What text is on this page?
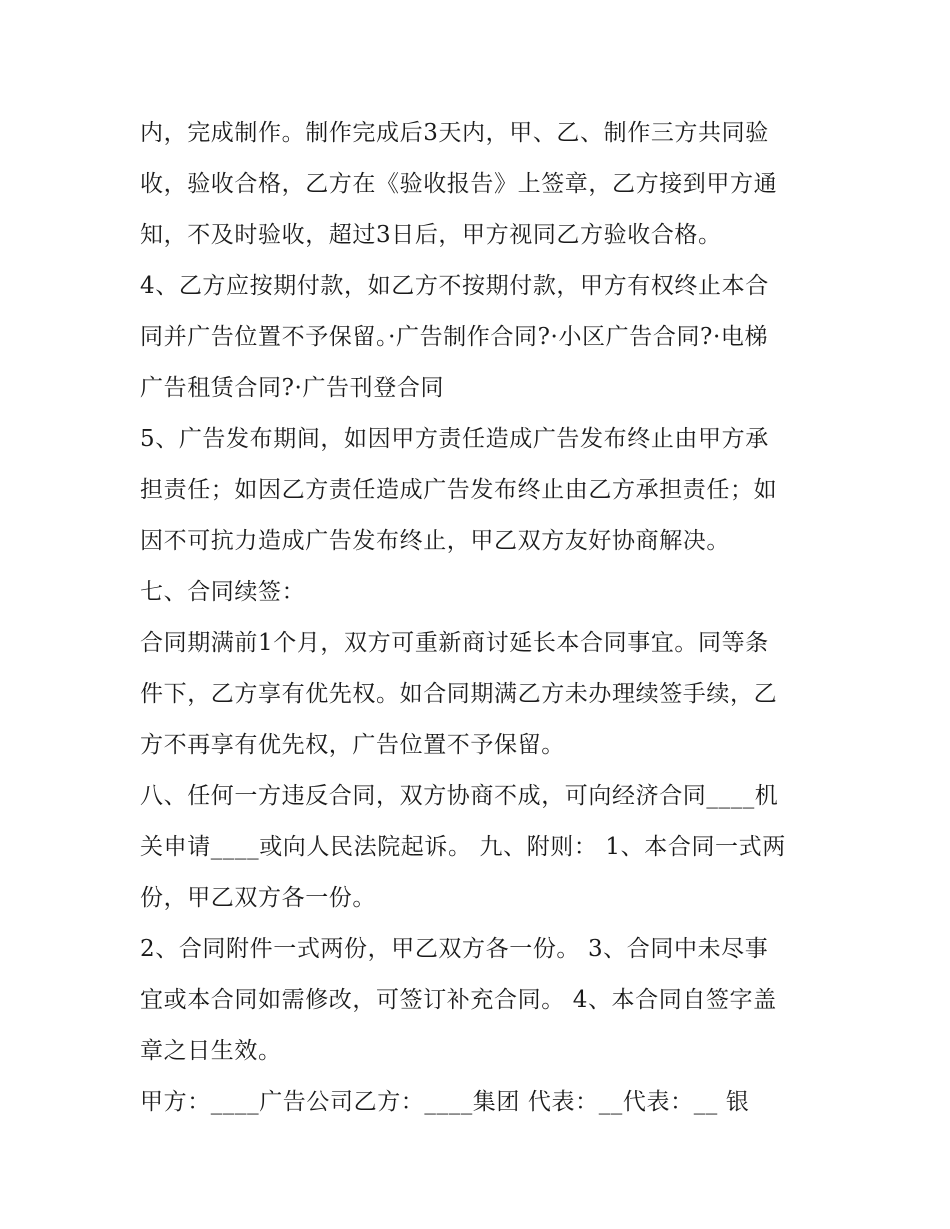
内，完成制作。制作完成后3天内，甲、乙、制作三方共同验
收，验收合格，乙方在《验收报告》上签章，乙方接到甲方通
知，不及时验收，超过3日后，甲方视同乙方验收合格。
4、乙方应按期付款，如乙方不按期付款，甲方有权终止本合
同并广告位置不予保留。·广告制作合同?·小区广告合同?·电梯
广告租赁合同?·广告刊登合同
5、广告发布期间，如因甲方责任造成广告发布终止由甲方承
担责任；如因乙方责任造成广告发布终止由乙方承担责任；如
因不可抗力造成广告发布终止，甲乙双方友好协商解决。
七、合同续签：
合同期满前1个月，双方可重新商讨延长本合同事宜。同等条
件下，乙方享有优先权。如合同期满乙方未办理续签手续，乙
方不再享有优先权，广告位置不予保留。
八、任何一方违反合同，双方协商不成，可向经济合同____机
关申请____或向人民法院起诉。 九、附则： 1、本合同一式两
份，甲乙双方各一份。
2、合同附件一式两份，甲乙双方各一份。 3、合同中未尽事
宜或本合同如需修改，可签订补充合同。 4、本合同自签字盖
章之日生效。
甲方：____广告公司乙方：____集团 代表：__代表：__ 银
